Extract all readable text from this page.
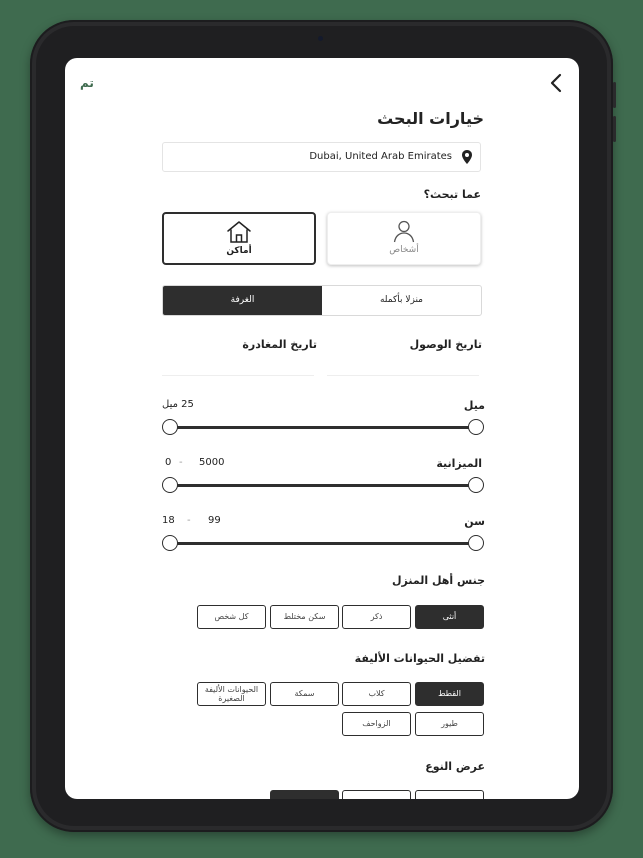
تم
خيارات البحث
Dubai, United Arab Emirates
عما تبحث؟
أشخاص
أماكن
الغرفة	منزلا بأكمله
تاريخ الوصول
تاريخ المغادرة
ميل
25 ميل
الميزانية
0 - 5000
سن
18 - 99
جنس أهل المنزل
أنثى
ذكر
سكن مختلط
كل شخص
تفضيل الحيوانات الأليفة
القطط
كلاب
سمكة
الحيوانات الأليفة الصغيرة
طيور
الزواحف
عرض النوع
